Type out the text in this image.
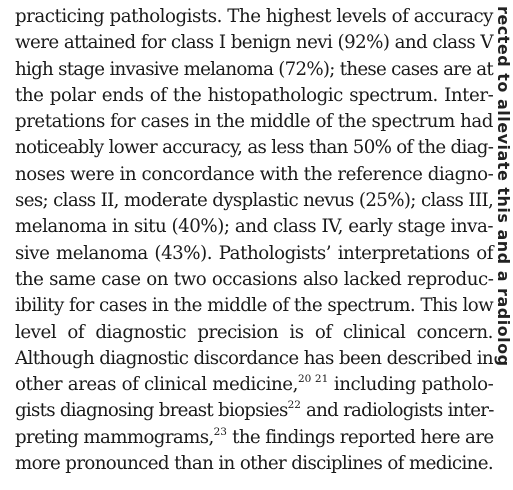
practicing pathologists. The highest levels of accuracy
were attained for class I benign nevi (92%) and class V
high stage invasive melanoma (72%); these cases are at
the polar ends of the histopathologic spectrum. Inter-
pretations for cases in the middle of the spectrum had
noticeably lower accuracy, as less than 50% of the diag-
noses were in concordance with the reference diagno-
ses; class II, moderate dysplastic nevus (25%); class III,
melanoma in situ (40%); and class IV, early stage inva-
sive melanoma (43%). Pathologists’ interpretations of
the same case on two occasions also lacked reproduc-
ibility for cases in the middle of the spectrum. This low
level of diagnostic precision is of clinical concern.
Although diagnostic discordance has been described in
other areas of clinical medicine,$^{20 21}$ including patholo-
gists diagnosing breast biopsies$^{22}$ and radiologists inter-
preting mammograms,$^{23}$ the findings reported here are
more pronounced than in other disciplines of medicine.
rected to alleviate this and a radiolog
